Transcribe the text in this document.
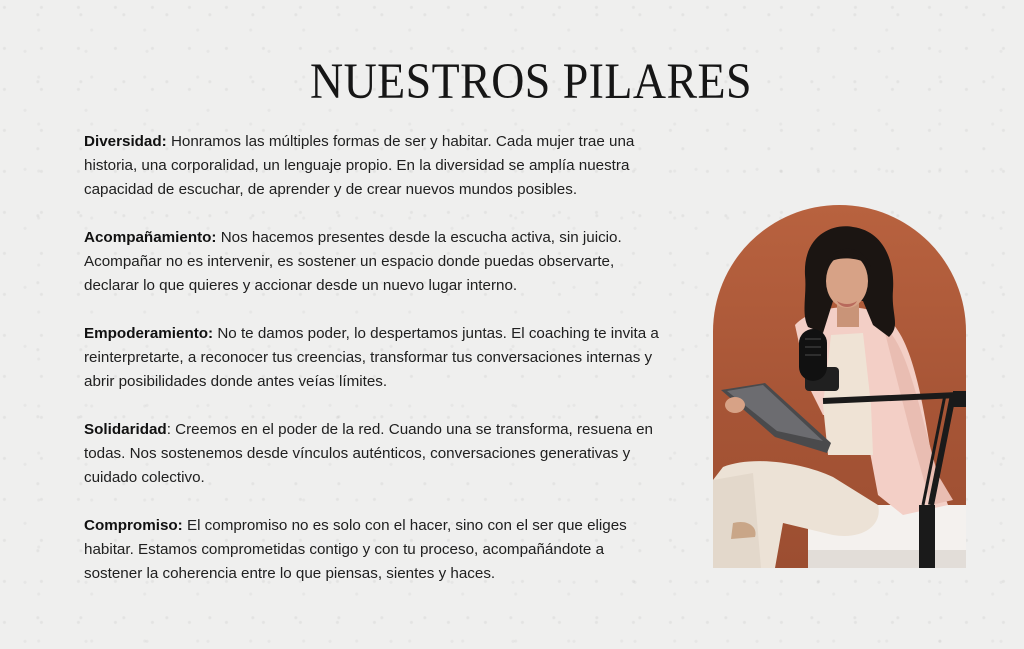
NUESTROS PILARES

Diversidad: Honramos las múltiples formas de ser y habitar. Cada mujer trae una historia, una corporalidad, un lenguaje propio. En la diversidad se amplía nuestra capacidad de escuchar, de aprender y de crear nuevos mundos posibles.

Acompañamiento: Nos hacemos presentes desde la escucha activa, sin juicio. Acompañar no es intervenir, es sostener un espacio donde puedas observarte, declarar lo que quieres y accionar desde un nuevo lugar interno.

Empoderamiento: No te damos poder, lo despertamos juntas. El coaching te invita a reinterpretarte, a reconocer tus creencias, transformar tus conversaciones internas y abrir posibilidades donde antes veías límites.

Solidaridad: Creemos en el poder de la red. Cuando una se transforma, resuena en todas. Nos sostenemos desde vínculos auténticos, conversaciones generativas y cuidado colectivo.

Compromiso: El compromiso no es solo con el hacer, sino con el ser que eliges habitar. Estamos comprometidas contigo y con tu proceso, acompañándote a sostener la coherencia entre lo que piensas, sientes y haces.
